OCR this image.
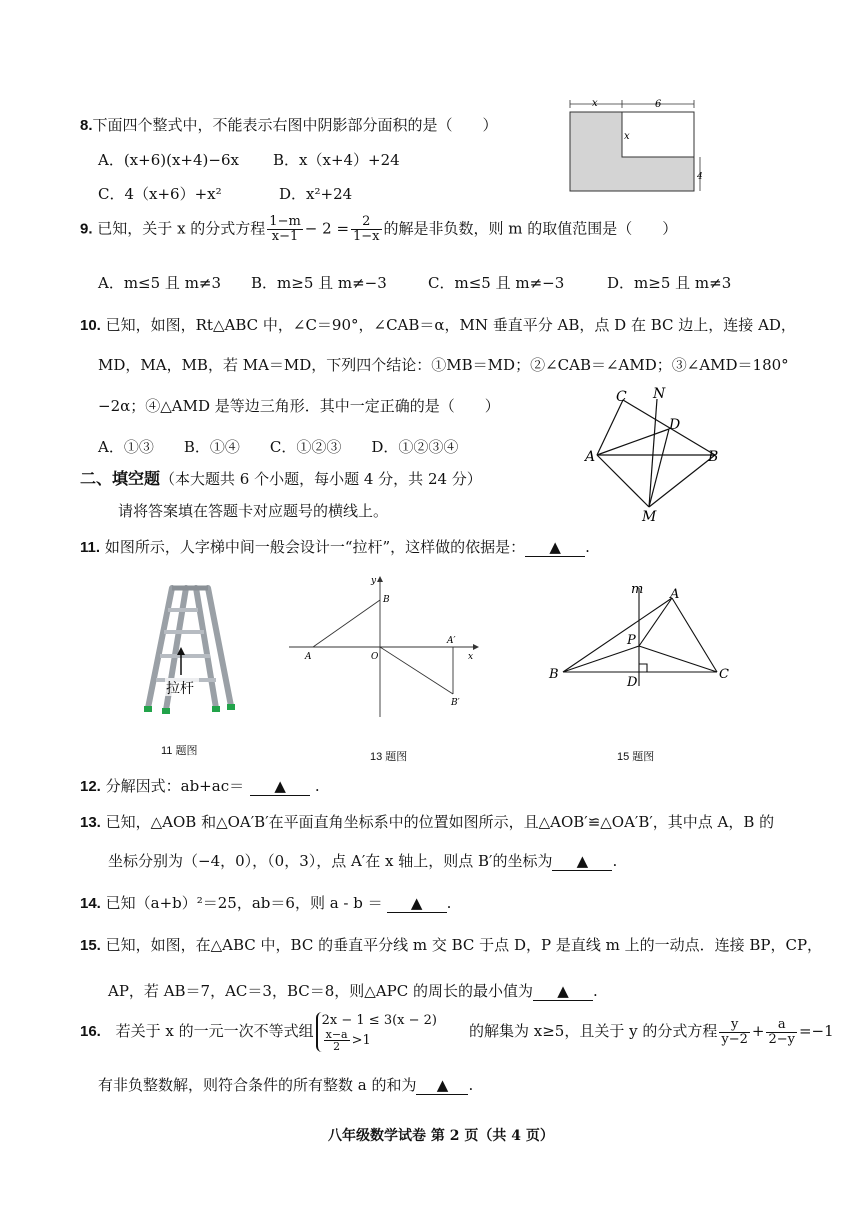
8.下面四个整式中，不能表示右图中阴影部分面积的是（　　）
A．(x+6)(x+4)−6x B．x（x+4）+24
C．4（x+6）+x²	D．x²+24
x	6
x
4
9. 已知，关于 x 的分式方程 $\frac{1-m}{x-1} - 2 = \frac{2}{1-x}$ 的解是非负数，则 m 的取值范围是（　　）
A．m≤5 且 m≠3 B．m≥5 且 m≠−3	C．m≤5 且 m≠−3	D．m≥5 且 m≠3
10. 已知，如图，Rt△ABC 中，∠C＝90°，∠CAB＝α，MN 垂直平分 AB，点 D 在 BC 边上，连接 AD，
MD，MA，MB，若 MA＝MD，下列四个结论：①MB＝MD；②∠CAB＝∠AMD；③∠AMD＝180°
−2α；④△AMD 是等边三角形．其中一定正确的是（　　）
A．①③　　B．①④　　C．①②③　　D．①②③④
C N
D
A	B
M
二、填空题（本大题共 6 个小题，每小题 4 分，共 24 分）
请将答案填在答题卡对应题号的横线上。
11. 如图所示，人字梯中间一般会设计一“拉杆”，这样做的依据是： ▲ .
拉杆
11 题图
y
x
B
A	O
A′
B′
13 题图
m A
P
B
D
C
15 题图
12. 分解因式：ab+ac＝ ▲ .
13. 已知，△AOB 和△OA′B′在平面直角坐标系中的位置如图所示，且△AOB′≌△OA′B′，其中点 A，B 的
坐标分别为（−4，0），（0，3），点 A′在 x 轴上，则点 B′的坐标为 ▲ .
14. 已知（a+b）²＝25，ab＝6，则 a - b ＝ ▲ .
15. 已知，如图，在△ABC 中，BC 的垂直平分线 m 交 BC 于点 D，P 是直线 m 上的一动点．连接 BP，CP，
AP，若 AB＝7，AC＝3，BC＝8，则△APC 的周长的最小值为 ▲ .
16. 若关于 x 的一元一次不等式组
2x − 1 ≤ 3(x − 2)
$\frac{x-a}{2} >1$
的解集为 x≥5，且关于 y 的分式方程 $\frac{y}{y-2} + \frac{a}{2-y} =-1$
有非负整数解，则符合条件的所有整数 a 的和为 ▲ .
八年级数学试卷 第 2 页（共 4 页）
